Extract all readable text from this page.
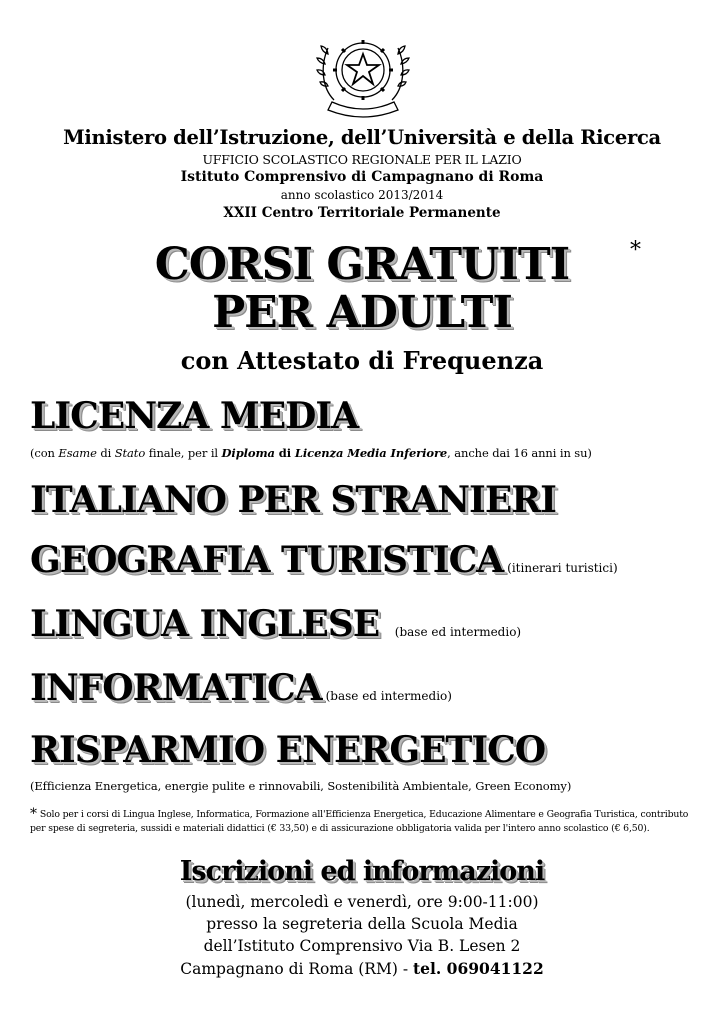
Ministero dell’Istruzione, dell’Università e della Ricerca
UFFICIO SCOLASTICO REGIONALE PER IL LAZIO
Istituto Comprensivo di Campagnano di Roma
anno scolastico 2013/2014
XXII Centro Territoriale Permanente
CORSI GRATUITI	*
PER ADULTI
con Attestato di Frequenza
LICENZA MEDIA
(con Esame di Stato finale, per il Diploma di Licenza Media Inferiore, anche dai 16 anni in su)
ITALIANO PER STRANIERI
GEOGRAFIA TURISTICA (itinerari turistici)
LINGUA INGLESE (base ed intermedio)
INFORMATICA (base ed intermedio)
RISPARMIO ENERGETICO
(Efficienza Energetica, energie pulite e rinnovabili, Sostenibilità Ambientale, Green Economy)
* Solo per i corsi di Lingua Inglese, Informatica, Formazione all'Efficienza Energetica, Educazione Alimentare e Geografia Turistica, contributo per spese di segreteria, sussidi e materiali didattici (€ 33,50) e di assicurazione obbligatoria valida per l'intero anno scolastico (€ 6,50).
Iscrizioni ed informazioni
(lunedì, mercoledì e venerdì, ore 9:00-11:00)
presso la segreteria della Scuola Media
dell’Istituto Comprensivo Via B. Lesen 2
Campagnano di Roma (RM) - tel. 069041122
